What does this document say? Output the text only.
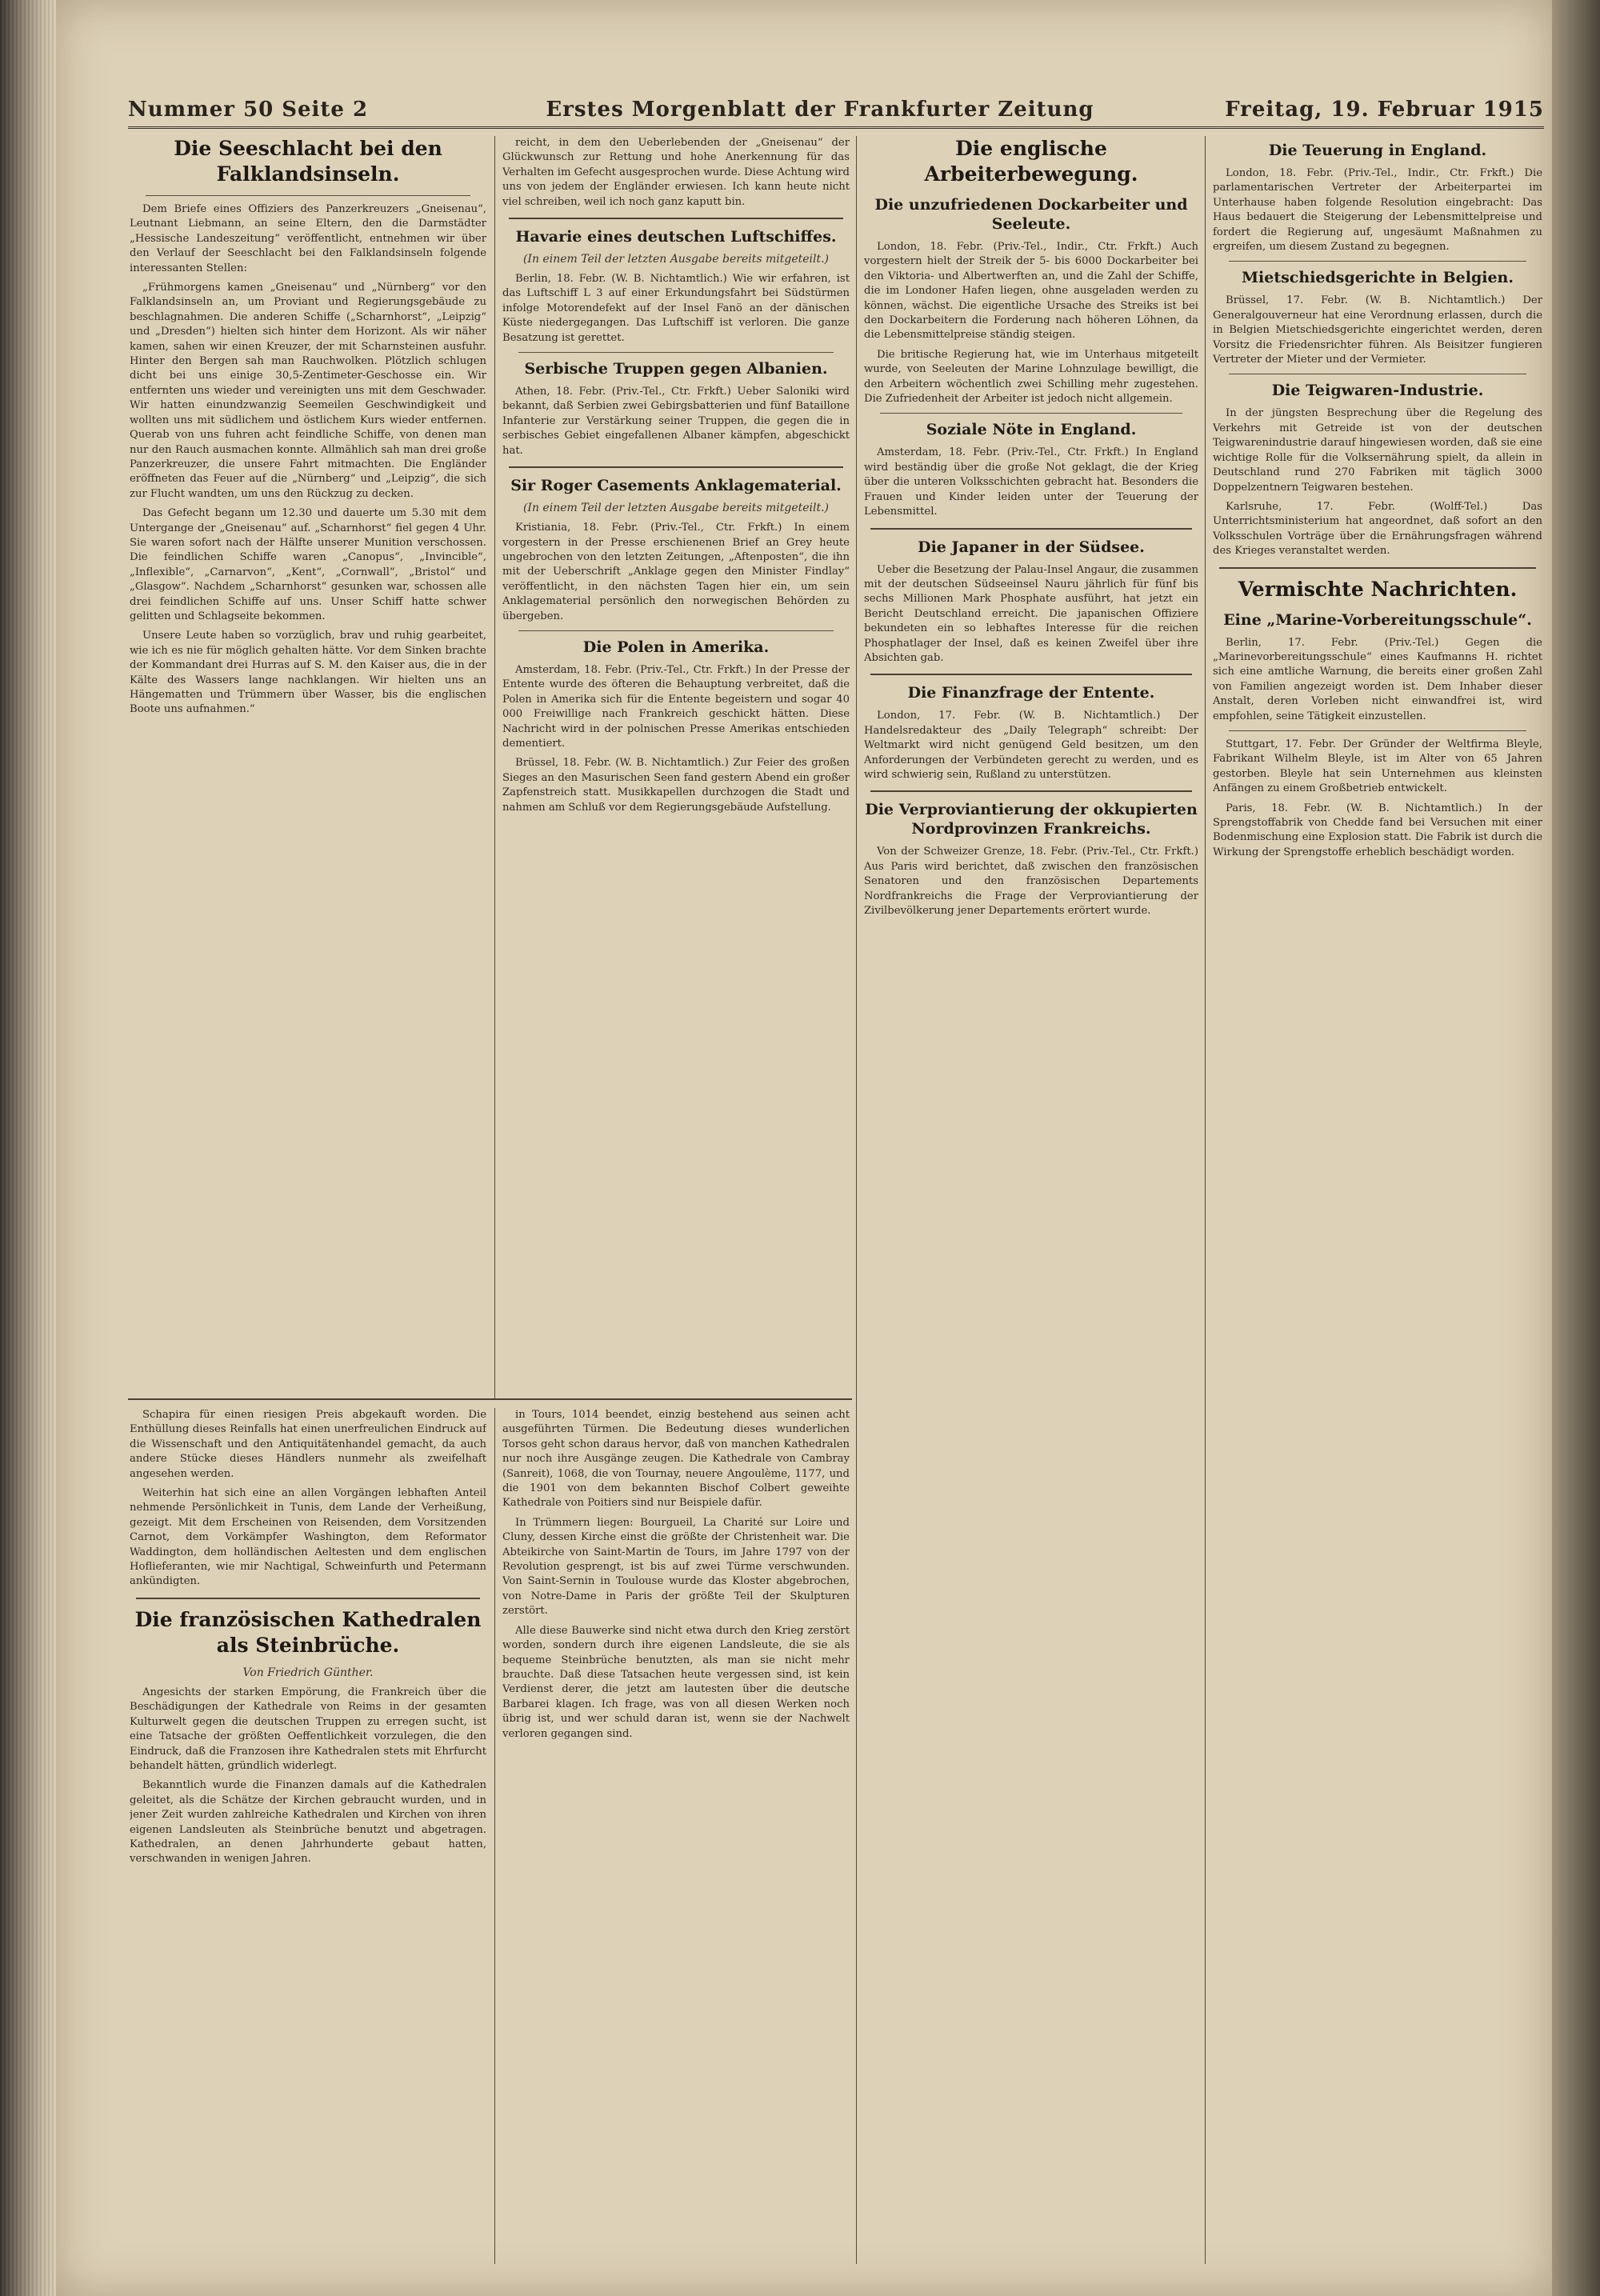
Nummer 50 Seite 2	Erstes Morgenblatt der Frankfurter Zeitung	Freitag, 19. Februar 1915
Die Seeschlacht bei den Falklandsinseln.

Dem Briefe eines Offiziers des Panzerkreuzers „Gneisenau“, Leutnant Liebmann, an seine Eltern, den die Darmstädter „Hessische Landeszeitung“ veröffentlicht, entnehmen wir über den Verlauf der Seeschlacht bei den Falklandsinseln folgende interessanten Stellen:

„Frühmorgens kamen „Gneisenau“ und „Nürnberg“ vor den Falklandsinseln an, um Proviant und Regierungsgebäude zu beschlagnahmen. Die anderen Schiffe („Scharnhorst“, „Leipzig“ und „Dresden“) hielten sich hinter dem Horizont. Als wir näher kamen, sahen wir einen Kreuzer, der mit Scharnsteinen ausfuhr. Hinter den Bergen sah man Rauchwolken. Plötzlich schlugen dicht bei uns einige 30,5-Zentimeter-Geschosse ein. Wir entfernten uns wieder und vereinigten uns mit dem Geschwader. Wir hatten einundzwanzig Seemeilen Geschwindigkeit und wollten uns mit südlichem und östlichem Kurs wieder entfernen. Querab von uns fuhren acht feindliche Schiffe, von denen man nur den Rauch ausmachen konnte. Allmählich sah man drei große Panzerkreuzer, die unsere Fahrt mitmachten. Die Engländer eröffneten das Feuer auf die „Nürnberg“ und „Leipzig“, die sich zur Flucht wandten, um uns den Rückzug zu decken.

Das Gefecht begann um 12.30 und dauerte um 5.30 mit dem Untergange der „Gneisenau“ auf. „Scharnhorst“ fiel gegen 4 Uhr. Sie waren sofort nach der Hälfte unserer Munition verschossen. Die feindlichen Schiffe waren „Canopus“, „Invincible“, „Inflexible“, „Carnarvon“, „Kent“, „Cornwall“, „Bristol“ und „Glasgow“. Nachdem „Scharnhorst“ gesunken war, schossen alle drei feindlichen Schiffe auf uns. Unser Schiff hatte schwer gelitten und Schlagseite bekommen.

Unsere Leute haben so vorzüglich, brav und ruhig gearbeitet, wie ich es nie für möglich gehalten hätte. Vor dem Sinken brachte der Kommandant drei Hurras auf S. M. den Kaiser aus, die in der Kälte des Wassers lange nachklangen. Wir hielten uns an Hängematten und Trümmern über Wasser, bis die englischen Boote uns aufnahmen.“

reicht, in dem den Ueberlebenden der „Gneisenau“ der Glückwunsch zur Rettung und hohe Anerkennung für das Verhalten im Gefecht ausgesprochen wurde. Diese Achtung wird uns von jedem der Engländer erwiesen. Ich kann heute nicht viel schreiben, weil ich noch ganz kaputt bin.

Havarie eines deutschen Luftschiffes.
(In einem Teil der letzten Ausgabe bereits mitgeteilt.)

Berlin, 18. Febr. (W. B. Nichtamtlich.) Wie wir erfahren, ist das Luftschiff L 3 auf einer Erkundungsfahrt bei Südstürmen infolge Motorendefekt auf der Insel Fanö an der dänischen Küste niedergegangen. Das Luftschiff ist verloren. Die ganze Besatzung ist gerettet.

Serbische Truppen gegen Albanien.

Athen, 18. Febr. (Priv.-Tel., Ctr. Frkft.) Ueber Saloniki wird bekannt, daß Serbien zwei Gebirgsbatterien und fünf Bataillone Infanterie zur Verstärkung seiner Truppen, die gegen die in serbisches Gebiet eingefallenen Albaner kämpfen, abgeschickt hat.

Sir Roger Casements Anklagematerial.
(In einem Teil der letzten Ausgabe bereits mitgeteilt.)

Kristiania, 18. Febr. (Priv.-Tel., Ctr. Frkft.) In einem vorgestern in der Presse erschienenen Brief an Grey heute ungebrochen von den letzten Zeitungen, „Aftenposten“, die ihn mit der Ueberschrift „Anklage gegen den Minister Findlay“ veröffentlicht, in den nächsten Tagen hier ein, um sein Anklagematerial persönlich den norwegischen Behörden zu übergeben.

Die Polen in Amerika.

Amsterdam, 18. Febr. (Priv.-Tel., Ctr. Frkft.) In der Presse der Entente wurde des öfteren die Behauptung verbreitet, daß die Polen in Amerika sich für die Entente begeistern und sogar 40 000 Freiwillige nach Frankreich geschickt hätten. Diese Nachricht wird in der polnischen Presse Amerikas entschieden dementiert.

Brüssel, 18. Febr. (W. B. Nichtamtlich.) Zur Feier des großen Sieges an den Masurischen Seen fand gestern Abend ein großer Zapfenstreich statt. Musikkapellen durchzogen die Stadt und nahmen am Schluß vor dem Regierungsgebäude Aufstellung.

Die englische Arbeiterbewegung.
Die unzufriedenen Dockarbeiter und Seeleute.

London, 18. Febr. (Priv.-Tel., Indir., Ctr. Frkft.) Auch vorgestern hielt der Streik der 5- bis 6000 Dockarbeiter bei den Viktoria- und Albertwerften an, und die Zahl der Schiffe, die im Londoner Hafen liegen, ohne ausgeladen werden zu können, wächst. Die eigentliche Ursache des Streiks ist bei den Dockarbeitern die Forderung nach höheren Löhnen, da die Lebensmittelpreise ständig steigen.

Die britische Regierung hat, wie im Unterhaus mitgeteilt wurde, von Seeleuten der Marine Lohnzulage bewilligt, die den Arbeitern wöchentlich zwei Schilling mehr zugestehen. Die Zufriedenheit der Arbeiter ist jedoch nicht allgemein.

Soziale Nöte in England.

Amsterdam, 18. Febr. (Priv.-Tel., Ctr. Frkft.) In England wird beständig über die große Not geklagt, die der Krieg über die unteren Volksschichten gebracht hat. Besonders die Frauen und Kinder leiden unter der Teuerung der Lebensmittel.

Die Japaner in der Südsee.

Ueber die Besetzung der Palau-Insel Angaur, die zusammen mit der deutschen Südseeinsel Nauru jährlich für fünf bis sechs Millionen Mark Phosphate ausführt, hat jetzt ein Bericht Deutschland erreicht. Die japanischen Offiziere bekundeten ein so lebhaftes Interesse für die reichen Phosphatlager der Insel, daß es keinen Zweifel über ihre Absichten gab.

Die Finanzfrage der Entente.

London, 17. Febr. (W. B. Nichtamtlich.) Der Handelsredakteur des „Daily Telegraph“ schreibt: Der Weltmarkt wird nicht genügend Geld besitzen, um den Anforderungen der Verbündeten gerecht zu werden, und es wird schwierig sein, Rußland zu unterstützen.

Die Verproviantierung der okkupierten Nordprovinzen Frankreichs.

Von der Schweizer Grenze, 18. Febr. (Priv.-Tel., Ctr. Frkft.) Aus Paris wird berichtet, daß zwischen den französischen Senatoren und den französischen Departements Nordfrankreichs die Frage der Verproviantierung der Zivilbevölkerung jener Departements erörtert wurde.

Die Teuerung in England.

London, 18. Febr. (Priv.-Tel., Indir., Ctr. Frkft.) Die parlamentarischen Vertreter der Arbeiterpartei im Unterhause haben folgende Resolution eingebracht: Das Haus bedauert die Steigerung der Lebensmittelpreise und fordert die Regierung auf, ungesäumt Maßnahmen zu ergreifen, um diesem Zustand zu begegnen.

Mietschiedsgerichte in Belgien.

Brüssel, 17. Febr. (W. B. Nichtamtlich.) Der Generalgouverneur hat eine Verordnung erlassen, durch die in Belgien Mietschiedsgerichte eingerichtet werden, deren Vorsitz die Friedensrichter führen. Als Beisitzer fungieren Vertreter der Mieter und der Vermieter.

Die Teigwaren-Industrie.

In der jüngsten Besprechung über die Regelung des Verkehrs mit Getreide ist von der deutschen Teigwarenindustrie darauf hingewiesen worden, daß sie eine wichtige Rolle für die Volksernährung spielt, da allein in Deutschland rund 270 Fabriken mit täglich 3000 Doppelzentnern Teigwaren bestehen.

Karlsruhe, 17. Febr. (Wolff-Tel.) Das Unterrichtsministerium hat angeordnet, daß sofort an den Volksschulen Vorträge über die Ernährungsfragen während des Krieges veranstaltet werden.

Vermischte Nachrichten.
Eine „Marine-Vorbereitungsschule“.

Berlin, 17. Febr. (Priv.-Tel.) Gegen die „Marinevorbereitungsschule“ eines Kaufmanns H. richtet sich eine amtliche Warnung, die bereits einer großen Zahl von Familien angezeigt worden ist. Dem Inhaber dieser Anstalt, deren Vorleben nicht einwandfrei ist, wird empfohlen, seine Tätigkeit einzustellen.

Stuttgart, 17. Febr. Der Gründer der Weltfirma Bleyle, Fabrikant Wilhelm Bleyle, ist im Alter von 65 Jahren gestorben. Bleyle hat sein Unternehmen aus kleinsten Anfängen zu einem Großbetrieb entwickelt.

Paris, 18. Febr. (W. B. Nichtamtlich.) In der Sprengstoffabrik von Chedde fand bei Versuchen mit einer Bodenmischung eine Explosion statt. Die Fabrik ist durch die Wirkung der Sprengstoffe erheblich beschädigt worden.

Schapira für einen riesigen Preis abgekauft worden. Die Enthüllung dieses Reinfalls hat einen unerfreulichen Eindruck auf die Wissenschaft und den Antiquitätenhandel gemacht, da auch andere Stücke dieses Händlers nunmehr als zweifelhaft angesehen werden.

Weiterhin hat sich eine an allen Vorgängen lebhaften Anteil nehmende Persönlichkeit in Tunis, dem Lande der Verheißung, gezeigt. Mit dem Erscheinen von Reisenden, dem Vorsitzenden Carnot, dem Vorkämpfer Washington, dem Reformator Waddington, dem holländischen Aeltesten und dem englischen Hoflieferanten, wie mir Nachtigal, Schweinfurth und Petermann ankündigten.

Die französischen Kathedralen als Steinbrüche.
Von Friedrich Günther.

Angesichts der starken Empörung, die Frankreich über die Beschädigungen der Kathedrale von Reims in der gesamten Kulturwelt gegen die deutschen Truppen zu erregen sucht, ist eine Tatsache der größten Oeffentlichkeit vorzulegen, die den Eindruck, daß die Franzosen ihre Kathedralen stets mit Ehrfurcht behandelt hätten, gründlich widerlegt.

Bekanntlich wurde die Finanzen damals auf die Kathedralen geleitet, als die Schätze der Kirchen gebraucht wurden, und in jener Zeit wurden zahlreiche Kathedralen und Kirchen von ihren eigenen Landsleuten als Steinbrüche benutzt und abgetragen. Kathedralen, an denen Jahrhunderte gebaut hatten, verschwanden in wenigen Jahren.

in Tours, 1014 beendet, einzig bestehend aus seinen acht ausgeführten Türmen. Die Bedeutung dieses wunderlichen Torsos geht schon daraus hervor, daß von manchen Kathedralen nur noch ihre Ausgänge zeugen. Die Kathedrale von Cambray (Sanreit), 1068, die von Tournay, neuere Angoulème, 1177, und die 1901 von dem bekannten Bischof Colbert geweihte Kathedrale von Poitiers sind nur Beispiele dafür.

In Trümmern liegen: Bourgueil, La Charité sur Loire und Cluny, dessen Kirche einst die größte der Christenheit war. Die Abteikirche von Saint-Martin de Tours, im Jahre 1797 von der Revolution gesprengt, ist bis auf zwei Türme verschwunden. Von Saint-Sernin in Toulouse wurde das Kloster abgebrochen, von Notre-Dame in Paris der größte Teil der Skulpturen zerstört.

Alle diese Bauwerke sind nicht etwa durch den Krieg zerstört worden, sondern durch ihre eigenen Landsleute, die sie als bequeme Steinbrüche benutzten, als man sie nicht mehr brauchte. Daß diese Tatsachen heute vergessen sind, ist kein Verdienst derer, die jetzt am lautesten über die deutsche Barbarei klagen. Ich frage, was von all diesen Werken noch übrig ist, und wer schuld daran ist, wenn sie der Nachwelt verloren gegangen sind.
